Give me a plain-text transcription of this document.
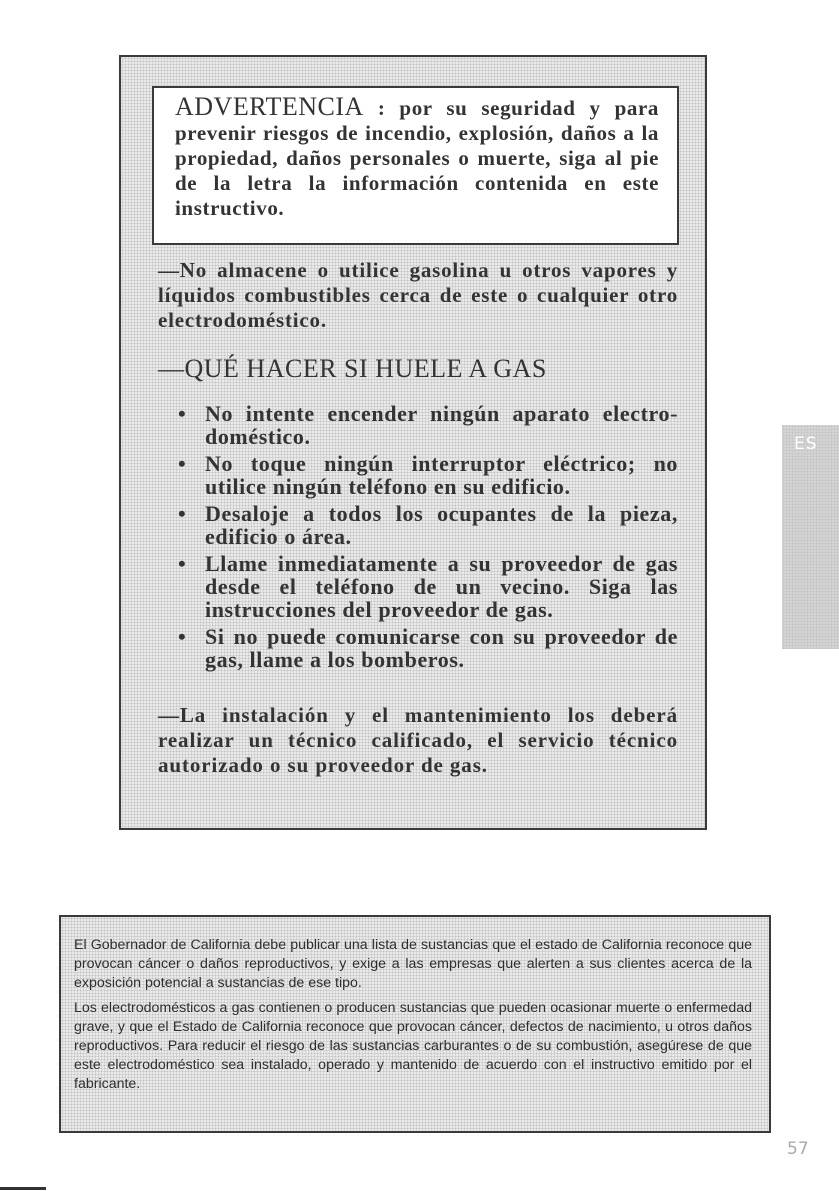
ADVERTENCIA : por su seguridad y para prevenir riesgos de incendio, explosión, daños a la propiedad, daños personales o muerte, siga al pie de la letra la información contenida en este instructivo.
—No almacene o utilice gasolina u otros vapores y líquidos combustibles cerca de este o cualquier otro electrodoméstico.
—QUÉ HACER SI HUELE A GAS
• No intente encender ningún aparato electro-doméstico.
• No toque ningún interruptor eléctrico; no utilice ningún teléfono en su edificio.
• Desaloje a todos los ocupantes de la pieza, edificio o área.
• Llame inmediatamente a su proveedor de gas desde el teléfono de un vecino. Siga las instrucciones del proveedor de gas.
• Si no puede comunicarse con su proveedor de gas, llame a los bomberos.
—La instalación y el mantenimiento los deberá realizar un técnico calificado, el servicio técnico autorizado o su proveedor de gas.

El Gobernador de California debe publicar una lista de sustancias que el estado de California reconoce que provocan cáncer o daños reproductivos, y exige a las empresas que alerten a sus clientes acerca de la exposición potencial a sustancias de ese tipo.

Los electrodomésticos a gas contienen o producen sustancias que pueden ocasionar muerte o enfermedad grave, y que el Estado de California reconoce que provocan cáncer, defectos de nacimiento, u otros daños reproductivos. Para reducir el riesgo de las sustancias carburantes o de su combustión, asegúrese de que este electrodoméstico sea instalado, operado y mantenido de acuerdo con el instructivo emitido por el fabricante.

ES
57
